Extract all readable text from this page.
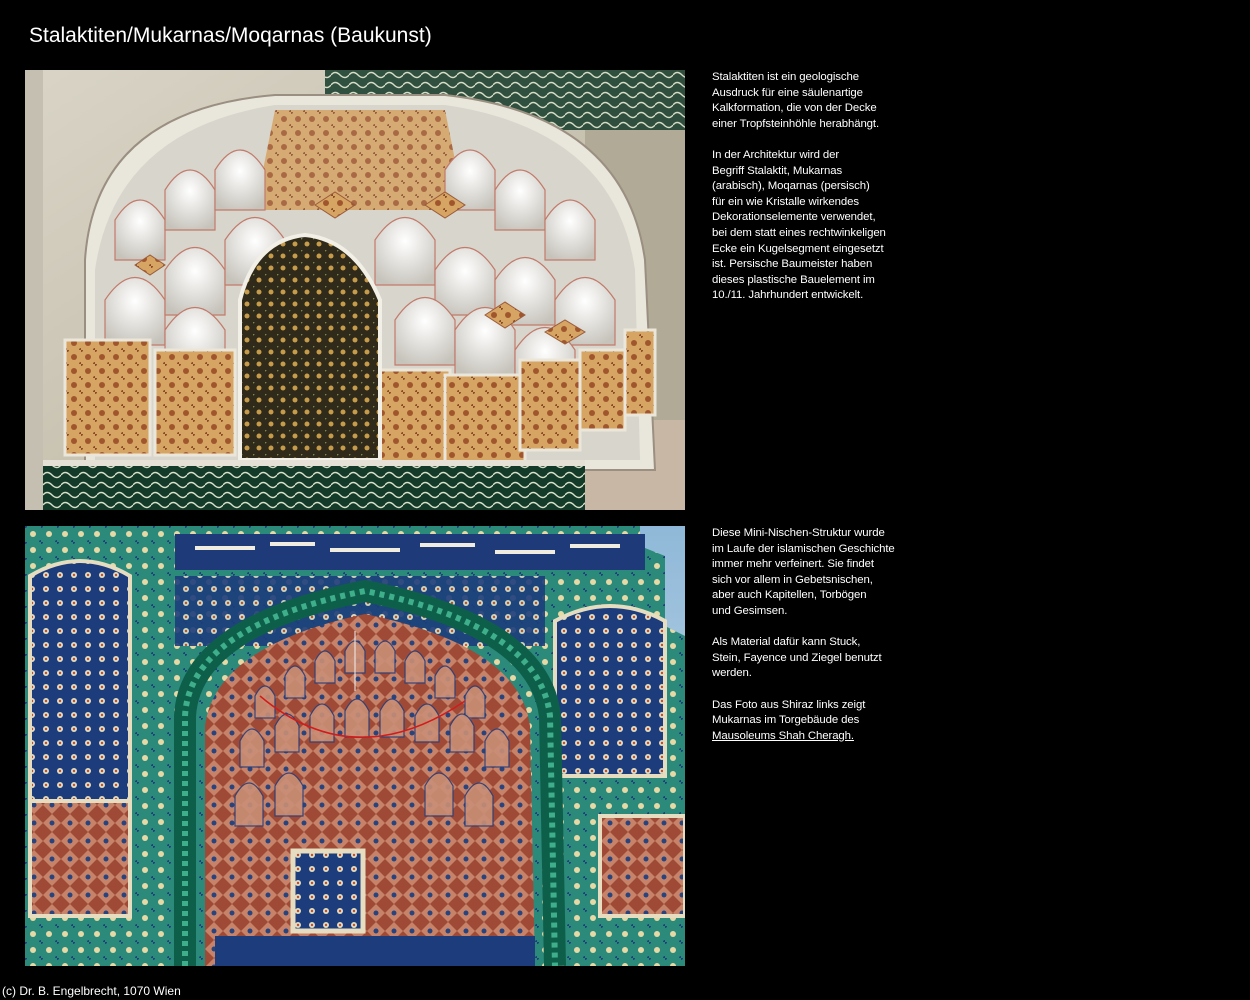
Stalaktiten/Mukarnas/Moqarnas (Baukunst)

Stalaktiten ist ein geologische
Ausdruck für eine säulenartige
Kalkformation, die von der Decke
einer Tropfsteinhöhle herabhängt.

In der Architektur wird der
Begriff Stalaktit, Mukarnas
(arabisch), Moqarnas (persisch)
für ein wie Kristalle wirkendes
Dekorationselemente verwendet,
bei dem statt eines rechtwinkeligen
Ecke ein Kugelsegment eingesetzt
ist. Persische Baumeister haben
dieses plastische Bauelement im
10./11. Jahrhundert entwickelt.

Diese Mini-Nischen-Struktur wurde
im Laufe der islamischen Geschichte
immer mehr verfeinert. Sie findet
sich vor allem in Gebetsnischen,
aber auch Kapitellen, Torbögen
und Gesimsen.

Als Material dafür kann Stuck,
Stein, Fayence und Ziegel benutzt
werden.

Das Foto aus Shiraz links zeigt
Mukarnas im Torgebäude des
Mausoleums Shah Cheragh.

(c) Dr. B. Engelbrecht, 1070 Wien
